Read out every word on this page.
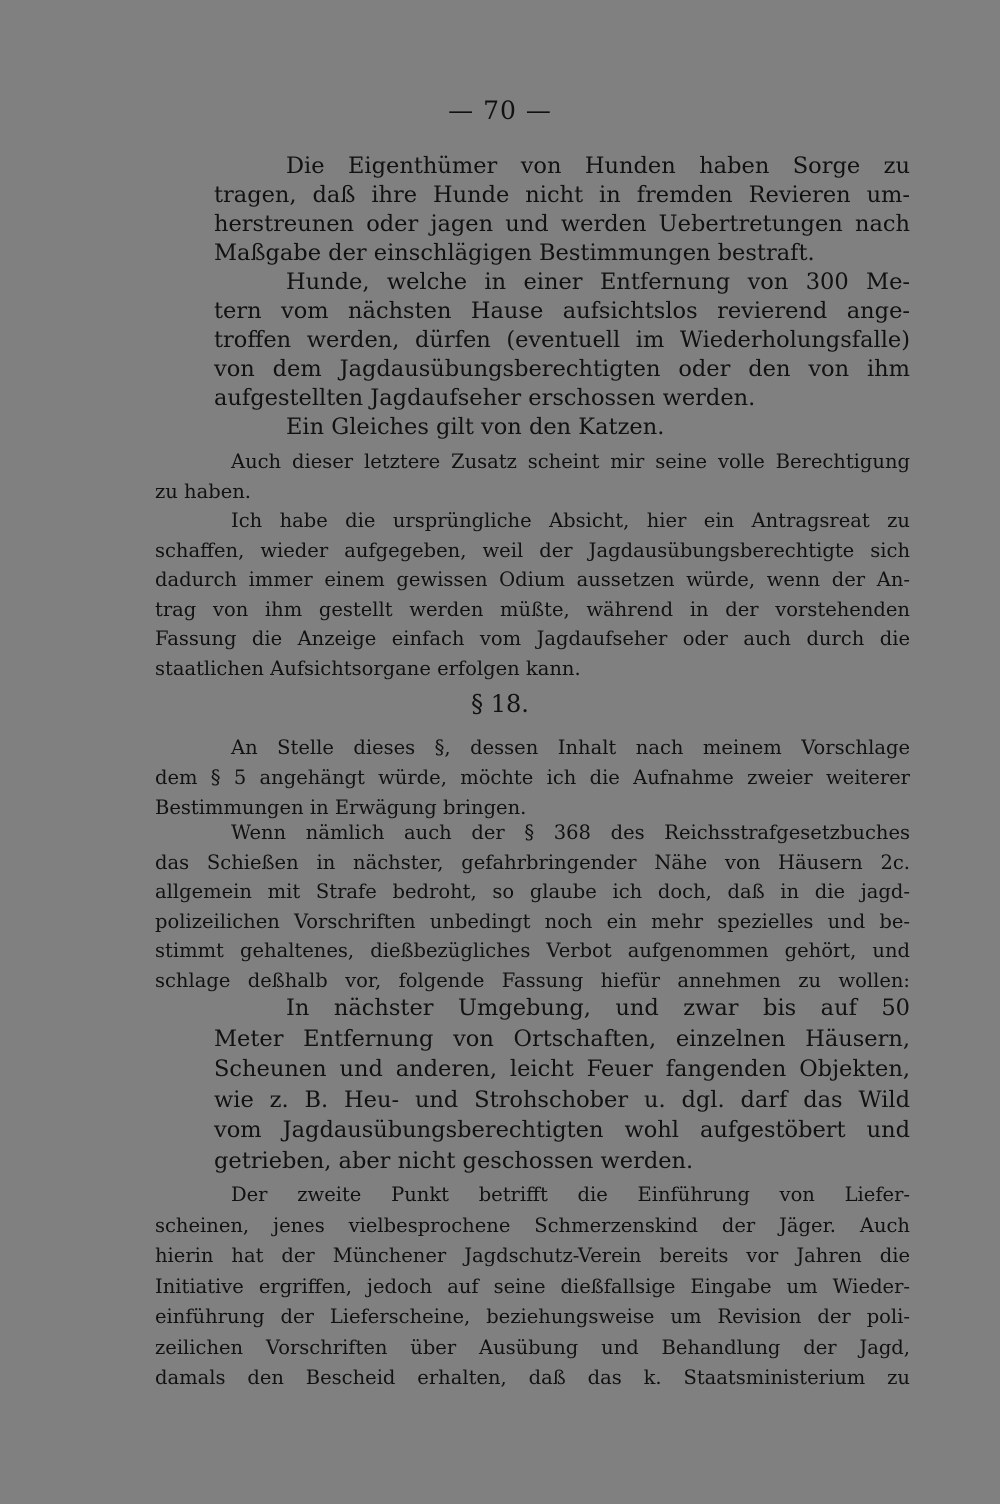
— 70 —
Die Eigenthümer von Hunden haben Sorge zu
tragen, daß ihre Hunde nicht in fremden Revieren um-
herstreunen oder jagen und werden Uebertretungen nach
Maßgabe der einschlägigen Bestimmungen bestraft.
Hunde, welche in einer Entfernung von 300 Me-
tern vom nächsten Hause aufsichtslos revierend ange-
troffen werden, dürfen (eventuell im Wiederholungsfalle)
von dem Jagdausübungsberechtigten oder den von ihm
aufgestellten Jagdaufseher erschossen werden.
Ein Gleiches gilt von den Katzen.
Auch dieser letztere Zusatz scheint mir seine volle Berechtigung
zu haben.
Ich habe die ursprüngliche Absicht, hier ein Antragsreat zu
schaffen, wieder aufgegeben, weil der Jagdausübungsberechtigte sich
dadurch immer einem gewissen Odium aussetzen würde, wenn der An-
trag von ihm gestellt werden müßte, während in der vorstehenden
Fassung die Anzeige einfach vom Jagdaufseher oder auch durch die
staatlichen Aufsichtsorgane erfolgen kann.
§ 18.
An Stelle dieses §, dessen Inhalt nach meinem Vorschlage
dem § 5 angehängt würde, möchte ich die Aufnahme zweier weiterer
Bestimmungen in Erwägung bringen.
Wenn nämlich auch der § 368 des Reichsstrafgesetzbuches
das Schießen in nächster, gefahrbringender Nähe von Häusern 2c.
allgemein mit Strafe bedroht, so glaube ich doch, daß in die jagd-
polizeilichen Vorschriften unbedingt noch ein mehr spezielles und be-
stimmt gehaltenes, dießbezügliches Verbot aufgenommen gehört, und
schlage deßhalb vor, folgende Fassung hiefür annehmen zu wollen:
In nächster Umgebung, und zwar bis auf 50
Meter Entfernung von Ortschaften, einzelnen Häusern,
Scheunen und anderen, leicht Feuer fangenden Objekten,
wie z. B. Heu- und Strohschober u. dgl. darf das Wild
vom Jagdausübungsberechtigten wohl aufgestöbert und
getrieben, aber nicht geschossen werden.
Der zweite Punkt betrifft die Einführung von Liefer-
scheinen, jenes vielbesprochene Schmerzenskind der Jäger. Auch
hierin hat der Münchener Jagdschutz-Verein bereits vor Jahren die
Initiative ergriffen, jedoch auf seine dießfallsige Eingabe um Wieder-
einführung der Lieferscheine, beziehungsweise um Revision der poli-
zeilichen Vorschriften über Ausübung und Behandlung der Jagd,
damals den Bescheid erhalten, daß das k. Staatsministerium zu
